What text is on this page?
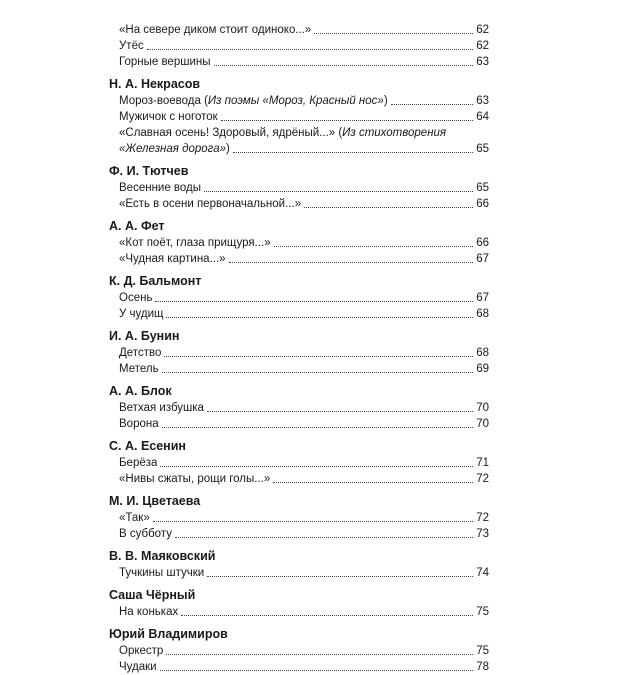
«На севере диком стоит одиноко...»	62
Утёс	62
Горные вершины	63
Н. А. Некрасов
Мороз-воевода (Из поэмы «Мороз, Красный нос»)	63
Мужичок с ноготок	64
«Славная осень! Здоровый, ядрёный...» (Из стихотворения
«Железная дорога»)	65
Ф. И. Тютчев
Весенние воды	65
«Есть в осени первоначальной...»	66
А. А. Фет
«Кот поёт, глаза прищуря...»	66
«Чудная картина...»	67
К. Д. Бальмонт
Осень	67
У чудищ	68
И. А. Бунин
Детство	68
Метель	69
А. А. Блок
Ветхая избушка	70
Ворона	70
С. А. Есенин
Берёза	71
«Нивы сжаты, рощи голы...»	72
М. И. Цветаева
«Так»	72
В субботу	73
В. В. Маяковский
Тучкины штучки	74
Саша Чёрный
На коньках	75
Юрий Владимиров
Оркестр	75
Чудаки	78
